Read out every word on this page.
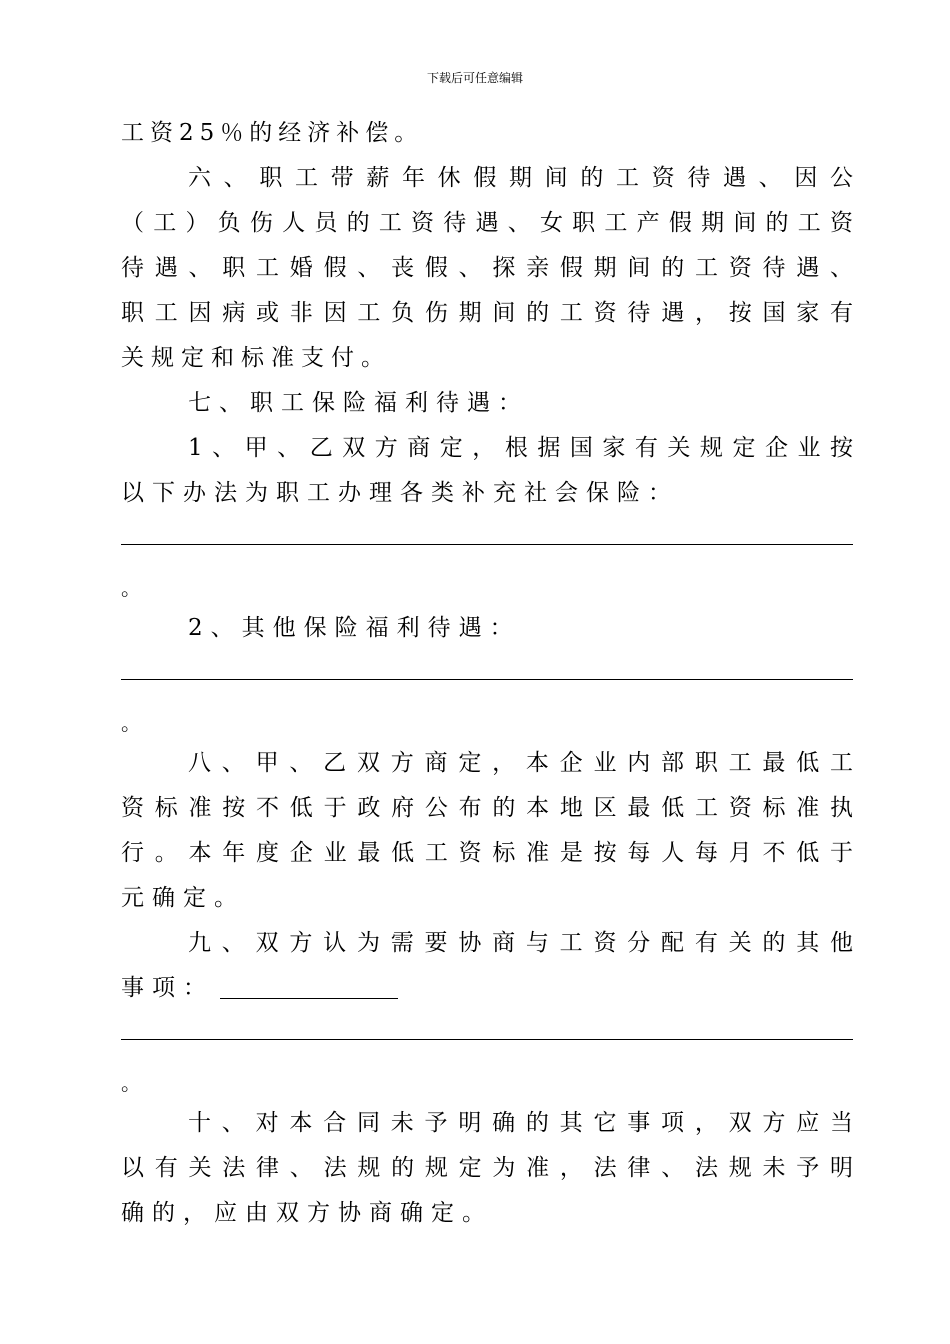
下载后可任意编辑
工资25％的经济补偿。
六、职工带薪年休假期间的工资待遇、因公
（工）负伤人员的工资待遇、女职工产假期间的工资
待遇、职工婚假、丧假、探亲假期间的工资待遇、
职工因病或非因工负伤期间的工资待遇，按国家有
关规定和标准支付。
七、职工保险福利待遇：
1、甲、乙双方商定，根据国家有关规定企业按
以下办法为职工办理各类补充社会保险：
。
2、其他保险福利待遇：
。
八、甲、乙双方商定，本企业内部职工最低工
资标准按不低于政府公布的本地区最低工资标准执
行。本年度企业最低工资标准是按每人每月不低于
元确定。
九、双方认为需要协商与工资分配有关的其他
事项：
。
十、对本合同未予明确的其它事项，双方应当
以有关法律、法规的规定为准，法律、法规未予明
确的，应由双方协商确定。
